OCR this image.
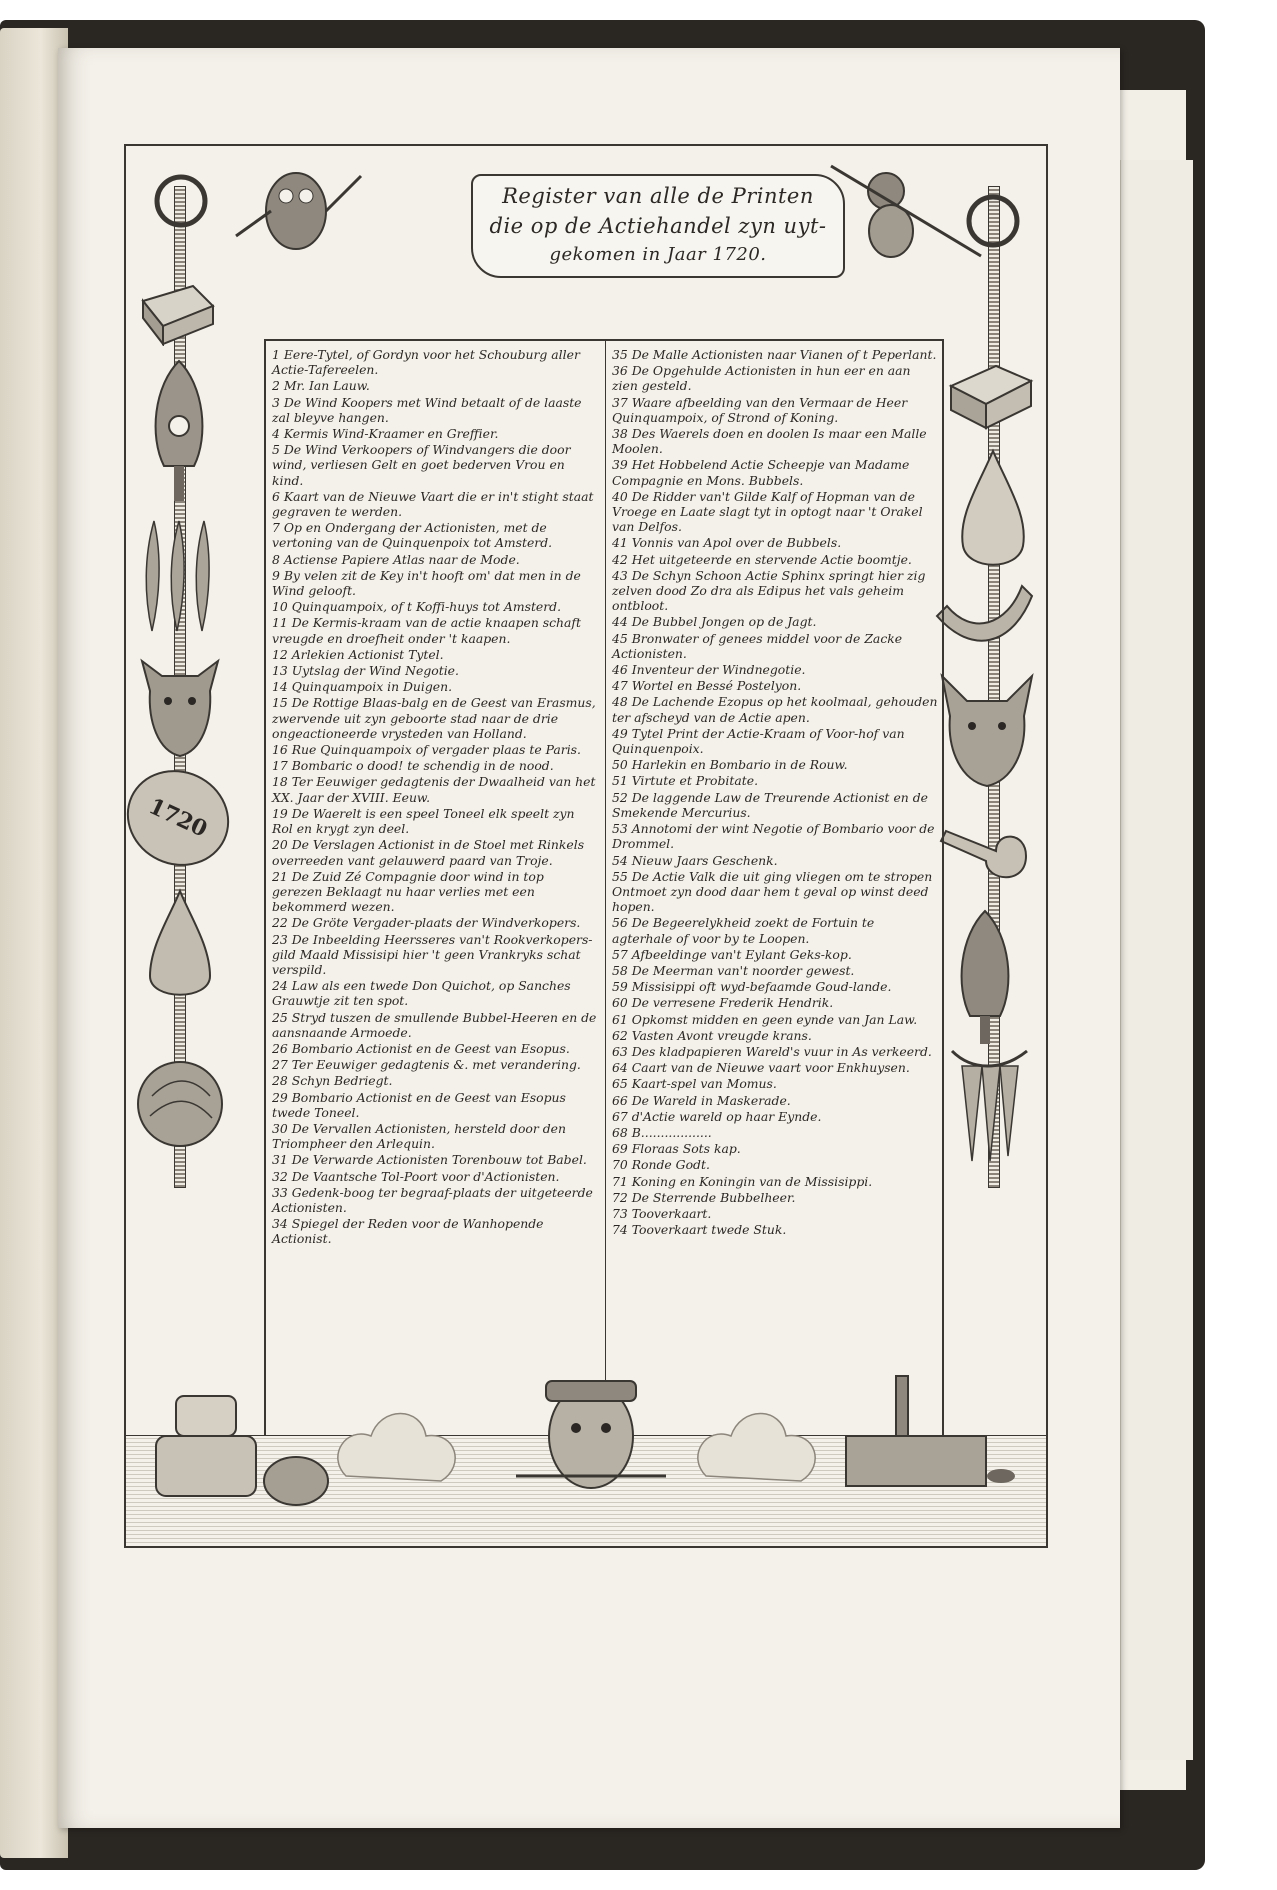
1720
Register van alle de Printen
die op de Actiehandel zyn uyt-
gekomen in Jaar 1720.

1 Eere-Tytel, of Gordyn voor het Schouburg aller Actie-Tafereelen.

2 Mr. Ian Lauw.

3 De Wind Koopers met Wind betaalt of de laaste zal bleyve hangen.

4 Kermis Wind-Kraamer en Greffier.

5 De Wind Verkoopers of Windvangers die door wind, verliesen Gelt en goet bederven Vrou en kind.

6 Kaart van de Nieuwe Vaart die er in't stight staat gegraven te werden.

7 Op en Ondergang der Actionisten, met de vertoning van de Quinquenpoix tot Amsterd.

8 Actiense Papiere Atlas naar de Mode.

9 By velen zit de Key in't hooft om' dat men in de Wind gelooft.

10 Quinquampoix, of t Koffi-huys tot Amsterd.

11 De Kermis-kraam van de actie knaapen schaft vreugde en droefheit onder 't kaapen.

12 Arlekien Actionist Tytel.

13 Uytslag der Wind Negotie.

14 Quinquampoix in Duigen.

15 De Rottige Blaas-balg en de Geest van Erasmus, zwervende uit zyn geboorte stad naar de drie ongeactioneerde vrysteden van Holland.

16 Rue Quinquampoix of vergader plaas te Paris.

17 Bombaric o dood! te schendig in de nood.

18 Ter Eeuwiger gedagtenis der Dwaalheid van het XX. Jaar der XVIII. Eeuw.

19 De Waerelt is een speel Toneel elk speelt zyn Rol en krygt zyn deel.

20 De Verslagen Actionist in de Stoel met Rinkels overreeden vant gelauwerd paard van Troje.

21 De Zuid Zé Compagnie door wind in top gerezen Beklaagt nu haar verlies met een bekommerd wezen.

22 De Gröte Vergader-plaats der Windverkopers.

23 De Inbeelding Heersseres van't Rookverkopers-gild Maald Missisipi hier 't geen Vrankryks schat verspild.

24 Law als een twede Don Quichot, op Sanches Grauwtje zit ten spot.

25 Stryd tuszen de smullende Bubbel-Heeren en de aansnaande Armoede.

26 Bombario Actionist en de Geest van Esopus.

27 Ter Eeuwiger gedagtenis &. met verandering.

28 Schyn Bedriegt.

29 Bombario Actionist en de Geest van Esopus twede Toneel.

30 De Vervallen Actionisten, hersteld door den Triompheer den Arlequin.

31 De Verwarde Actionisten Torenbouw tot Babel.

32 De Vaantsche Tol-Poort voor d'Actionisten.

33 Gedenk-boog ter begraaf-plaats der uitgeteerde Actionisten.

34 Spiegel der Reden voor de Wanhopende Actionist.

35 De Malle Actionisten naar Vianen of t Peperlant.

36 De Opgehulde Actionisten in hun eer en aan zien gesteld.

37 Waare afbeelding van den Vermaar de Heer Quinquampoix, of Strond of Koning.

38 Des Waerels doen en doolen Is maar een Malle Moolen.

39 Het Hobbelend Actie Scheepje van Madame Compagnie en Mons. Bubbels.

40 De Ridder van't Gilde Kalf of Hopman van de Vroege en Laate slagt tyt in optogt naar 't Orakel van Delfos.

41 Vonnis van Apol over de Bubbels.

42 Het uitgeteerde en stervende Actie boomtje.

43 De Schyn Schoon Actie Sphinx springt hier zig zelven dood Zo dra als Edipus het vals geheim ontbloot.

44 De Bubbel Jongen op de Jagt.

45 Bronwater of genees middel voor de Zacke Actionisten.

46 Inventeur der Windnegotie.

47 Wortel en Bessé Postelyon.

48 De Lachende Ezopus op het koolmaal, gehouden ter afscheyd van de Actie apen.

49 Tytel Print der Actie-Kraam of Voor-hof van Quinquenpoix.

50 Harlekin en Bombario in de Rouw.

51 Virtute et Probitate.

52 De laggende Law de Treurende Actionist en de Smekende Mercurius.

53 Annotomi der wint Negotie of Bombario voor de Drommel.

54 Nieuw Jaars Geschenk.

55 De Actie Valk die uit ging vliegen om te stropen Ontmoet zyn dood daar hem t geval op winst deed hopen.

56 De Begeerelykheid zoekt de Fortuin te agterhale of voor by te Loopen.

57 Afbeeldinge van't Eylant Geks-kop.

58 De Meerman van't noorder gewest.

59 Missisippi oft wyd-befaamde Goud-lande.

60 De verresene Frederik Hendrik.

61 Opkomst midden en geen eynde van Jan Law.

62 Vasten Avont vreugde krans.

63 Des kladpapieren Wareld's vuur in As verkeerd.

64 Caart van de Nieuwe vaart voor Enkhuysen.

65 Kaart-spel van Momus.

66 De Wareld in Maskerade.

67 d'Actie wareld op haar Eynde.

68 B..................

69 Floraas Sots kap.

70 Ronde Godt.

71 Koning en Koningin van de Missisippi.

72 De Sterrende Bubbelheer.

73 Tooverkaart.

74 Tooverkaart twede Stuk.
